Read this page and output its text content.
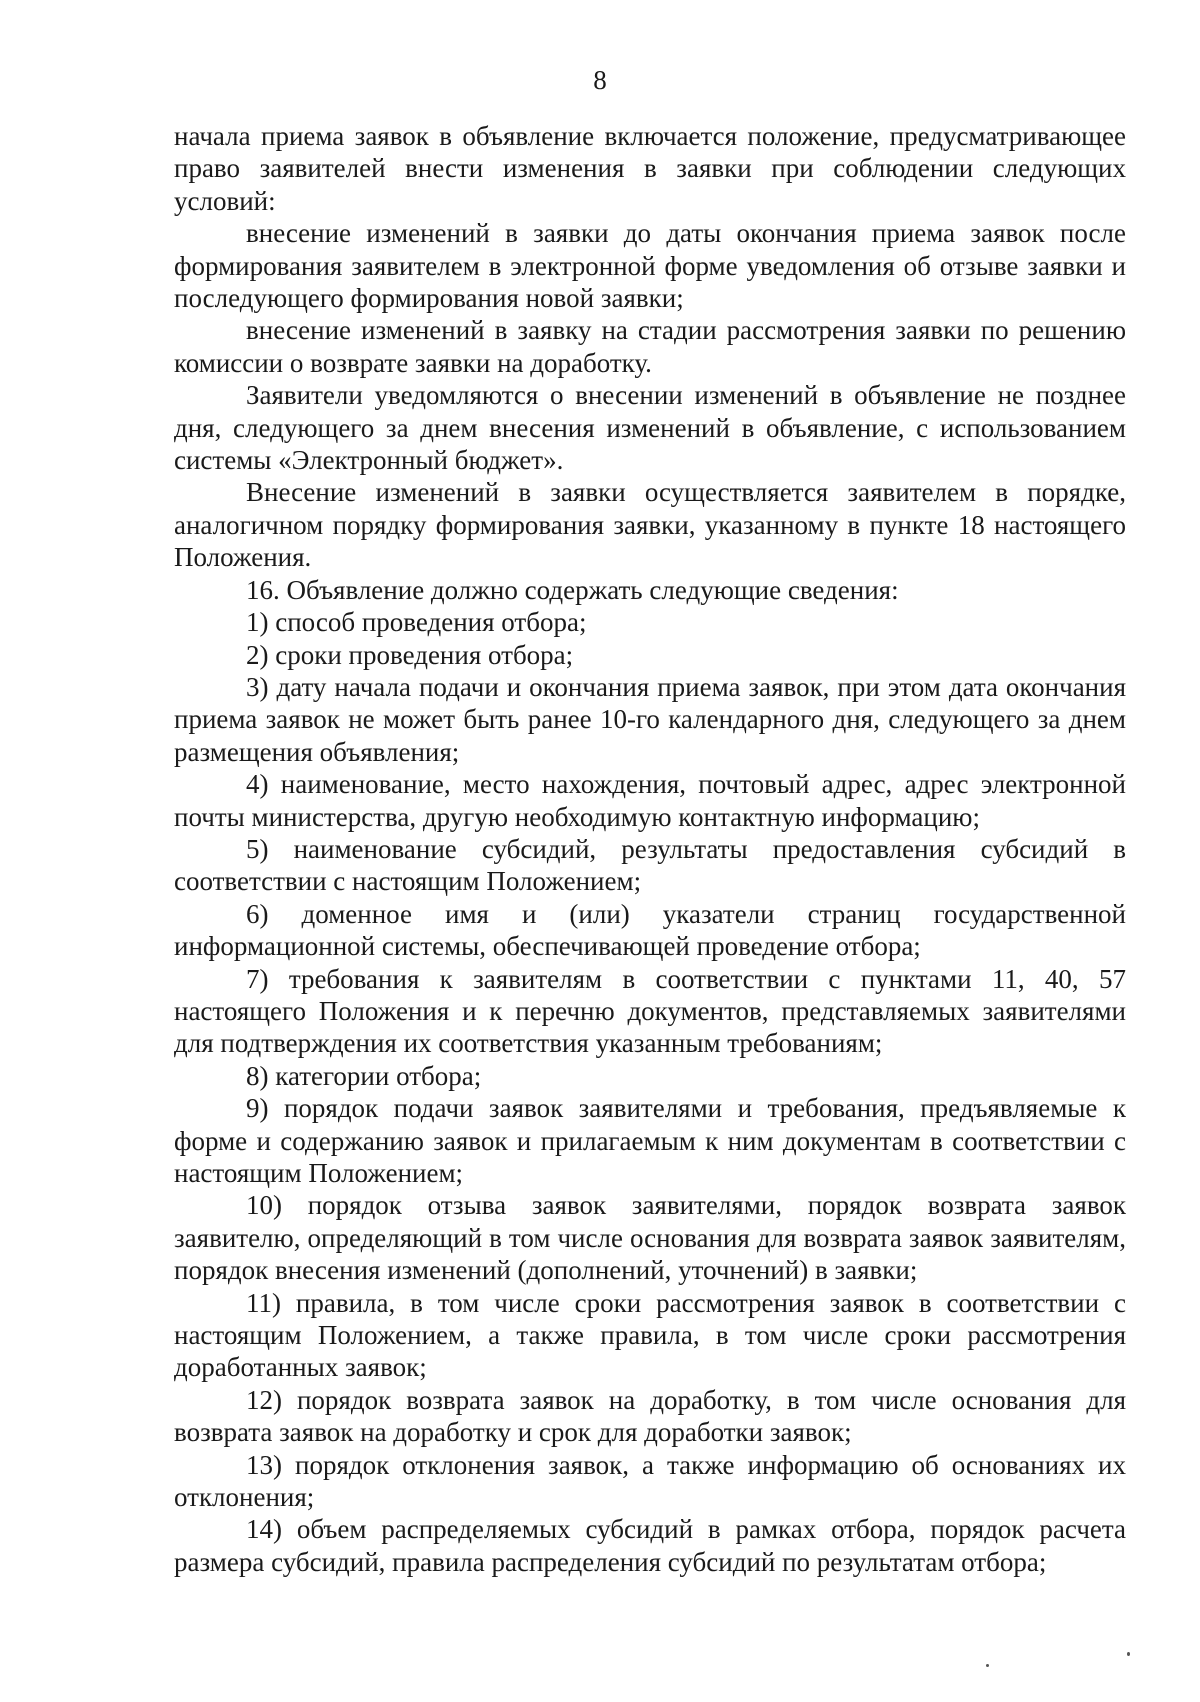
8

начала приема заявок в объявление включается положение, предусматривающее право заявителей внести изменения в заявки при соблюдении следующих условий:

внесение изменений в заявки до даты окончания приема заявок после формирования заявителем в электронной форме уведомления об отзыве заявки и последующего формирования новой заявки;

внесение изменений в заявку на стадии рассмотрения заявки по решению комиссии о возврате заявки на доработку.

Заявители уведомляются о внесении изменений в объявление не позднее дня, следующего за днем внесения изменений в объявление, с использованием системы «Электронный бюджет».

Внесение изменений в заявки осуществляется заявителем в порядке, аналогичном порядку формирования заявки, указанному в пункте 18 настоящего Положения.

16. Объявление должно содержать следующие сведения:

1) способ проведения отбора;

2) сроки проведения отбора;

3) дату начала подачи и окончания приема заявок, при этом дата окончания приема заявок не может быть ранее 10-го календарного дня, следующего за днем размещения объявления;

4) наименование, место нахождения, почтовый адрес, адрес электронной почты министерства, другую необходимую контактную информацию;

5) наименование субсидий, результаты предоставления субсидий в соответствии с настоящим Положением;

6) доменное имя и (или) указатели страниц государственной информационной системы, обеспечивающей проведение отбора;

7) требования к заявителям в соответствии с пунктами 11, 40, 57 настоящего Положения и к перечню документов, представляемых заявителями для подтверждения их соответствия указанным требованиям;

8) категории отбора;

9) порядок подачи заявок заявителями и требования, предъявляемые к форме и содержанию заявок и прилагаемым к ним документам в соответствии с настоящим Положением;

10) порядок отзыва заявок заявителями, порядок возврата заявок заявителю, определяющий в том числе основания для возврата заявок заявителям, порядок внесения изменений (дополнений, уточнений) в заявки;

11) правила, в том числе сроки рассмотрения заявок в соответствии с настоящим Положением, а также правила, в том числе сроки рассмотрения доработанных заявок;

12) порядок возврата заявок на доработку, в том числе основания для возврата заявок на доработку и срок для доработки заявок;

13) порядок отклонения заявок, а также информацию об основаниях их отклонения;

14) объем распределяемых субсидий в рамках отбора, порядок расчета размера субсидий, правила распределения субсидий по результатам отбора;
